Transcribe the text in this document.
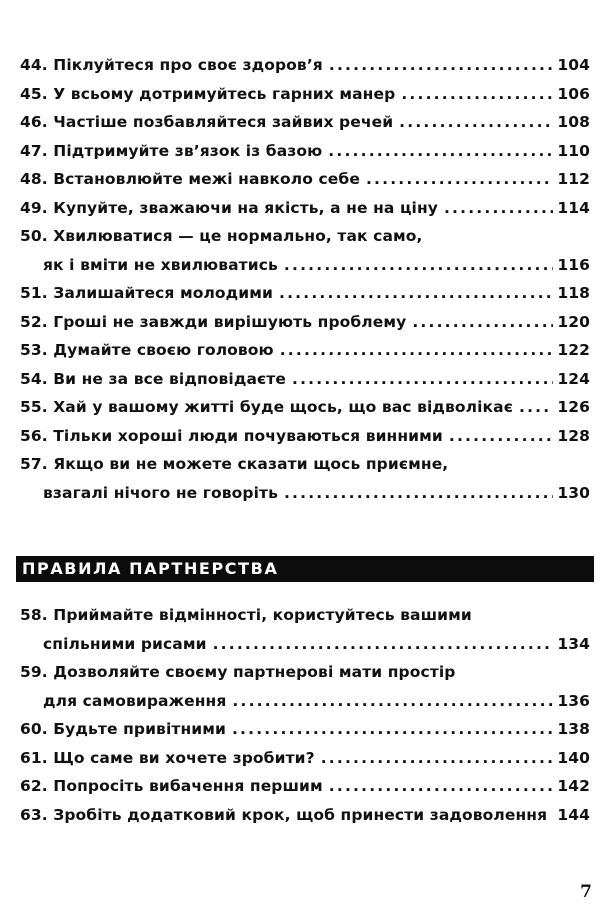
44. Піклуйтеся про своє здоров’я . . .	104
45. У всьому дотримуйтесь гарних манер . . .	106
46. Частіше позбавляйтеся зайвих речей . . .	108
47. Підтримуйте зв’язок із базою . . .	110
48. Встановлюйте межі навколо себе . . .	112
49. Купуйте, зважаючи на якість, а не на ціну . . .	114
50. Хвилюватися — це нормально, так само,
як і вміти не хвилюватись . . .	116
51. Залишайтеся молодими . . .	118
52. Гроші не завжди вирішують проблему . . .	120
53. Думайте своєю головою . . .	122
54. Ви не за все відповідаєте . . .	124
55. Хай у вашому житті буде щось, що вас відволікає . . .	126
56. Тільки хороші люди почуваються винними . . .	128
57. Якщо ви не можете сказати щось приємне,
взагалі нічого не говоріть . . .	130
ПРАВИЛА ПАРТНЕРСТВА
58. Приймайте відмінності, користуйтесь вашими
спільними рисами . . .	134
59. Дозволяйте своєму партнерові мати простір
для самовираження . . .	136
60. Будьте привітними . . .	138
61. Що саме ви хочете зробити? . . .	140
62. Попросіть вибачення першим . . .	142
63. Зробіть додатковий крок, щоб принести задоволення . . . 144
7
